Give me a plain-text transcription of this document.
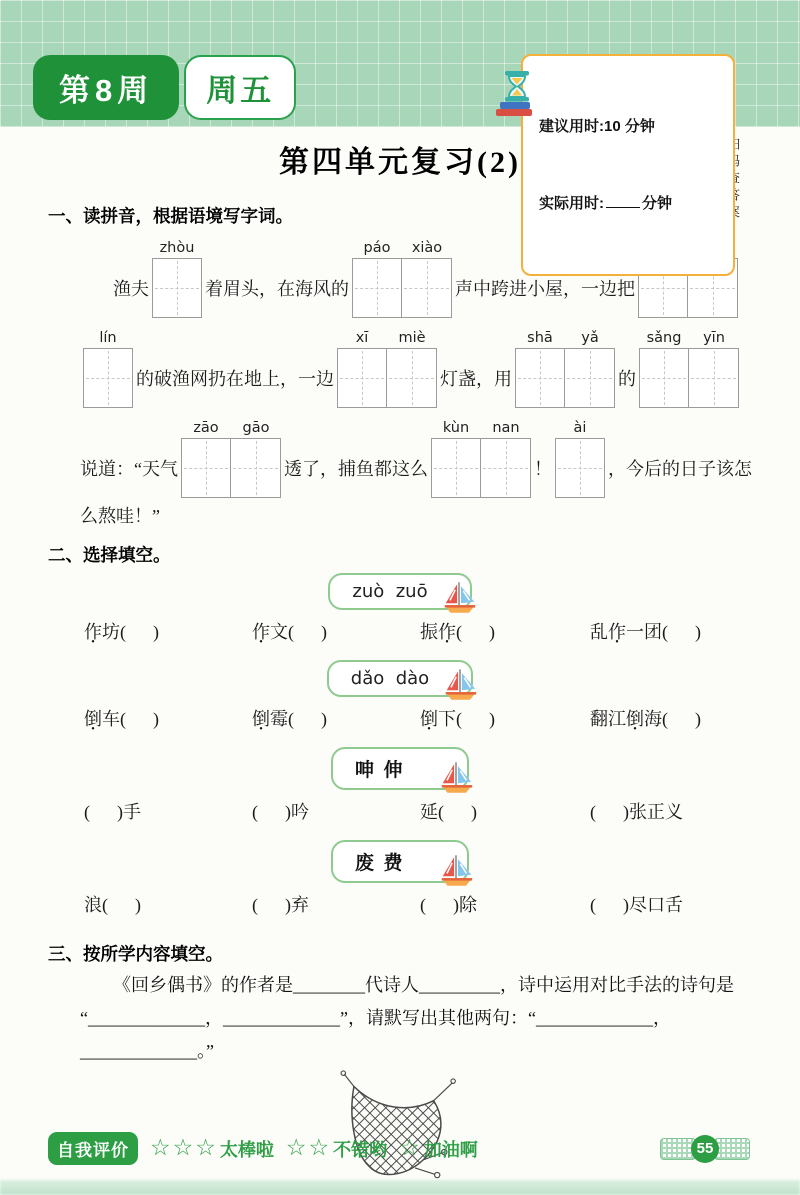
第8周	周五

建议用时:10 分钟

实际用时:	分钟

第四单元复习(2)
一、读拼音，根据语境写字词。
渔夫
zhòu
着眉头，在海风的
páo	xiào
声中跨进小屋，一边把
lín
的破渔网扔在地上，一边
xī	miè
灯盏，用
shā	yǎ
的
sǎng	yīn
说道：“天气
zāo	gāo
透了，捕鱼都这么
kùn	nan
！
ài
，今后的日子该怎
么熬哇！”
二、选择填空。
zuò  zuō
作坊(      )	作文(      )	振作(      )	乱作一团(      )
dǎo  dào
倒车(      )	倒霉(      )	倒下(      )	翻江倒海(      )
呻  伸
(      )手	(      )吟	延(      )	(      )张正义
废  费
浪(      )	(      )弃	(      )除	(      )尽口舌
三、按所学内容填空。
《回乡偶书》的作者是________代诗人_________，诗中运用对比手法的诗句是
“_____________，_____________”，请默写出其他两句：“_____________，
_____________。”
自我评价 ☆☆☆ 太棒啦 ☆☆ 不错哟 ☆ 加油啊	55
